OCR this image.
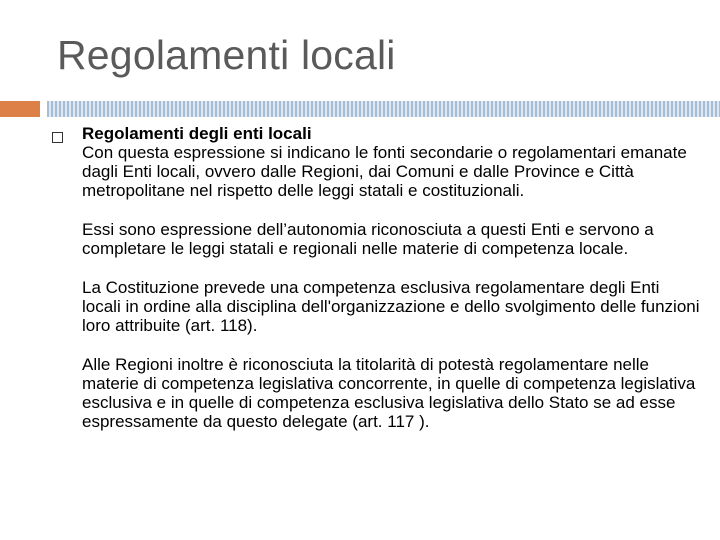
Regolamenti locali
Regolamenti degli enti locali
Con questa espressione si indicano le fonti secondarie o regolamentari emanate dagli Enti locali, ovvero dalle Regioni, dai Comuni e dalle Province e Città metropolitane nel rispetto delle leggi statali e costituzionali.
Essi sono espressione dell’autonomia riconosciuta a questi Enti e servono a completare le leggi statali e regionali nelle materie di competenza locale.
La Costituzione prevede una competenza esclusiva regolamentare degli Enti locali in ordine alla disciplina dell'organizzazione e dello svolgimento delle funzioni loro attribuite (art. 118).
Alle Regioni inoltre è riconosciuta la titolarità di potestà regolamentare nelle materie di competenza legislativa concorrente, in quelle di competenza legislativa esclusiva e in quelle di competenza esclusiva legislativa dello Stato se ad esse espressamente da questo delegate (art. 117 ).
